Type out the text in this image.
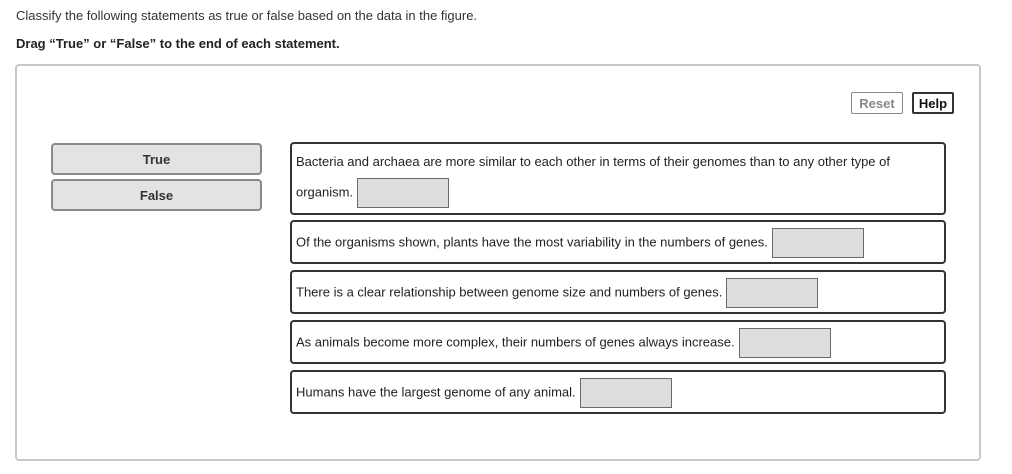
Classify the following statements as true or false based on the data in the figure.
Drag “True” or “False” to the end of each statement.
Reset	Help
True
False
Bacteria and archaea are more similar to each other in terms of their genomes than to any other type of
organism.
Of the organisms shown, plants have the most variability in the numbers of genes.
There is a clear relationship between genome size and numbers of genes.
As animals become more complex, their numbers of genes always increase.
Humans have the largest genome of any animal.
